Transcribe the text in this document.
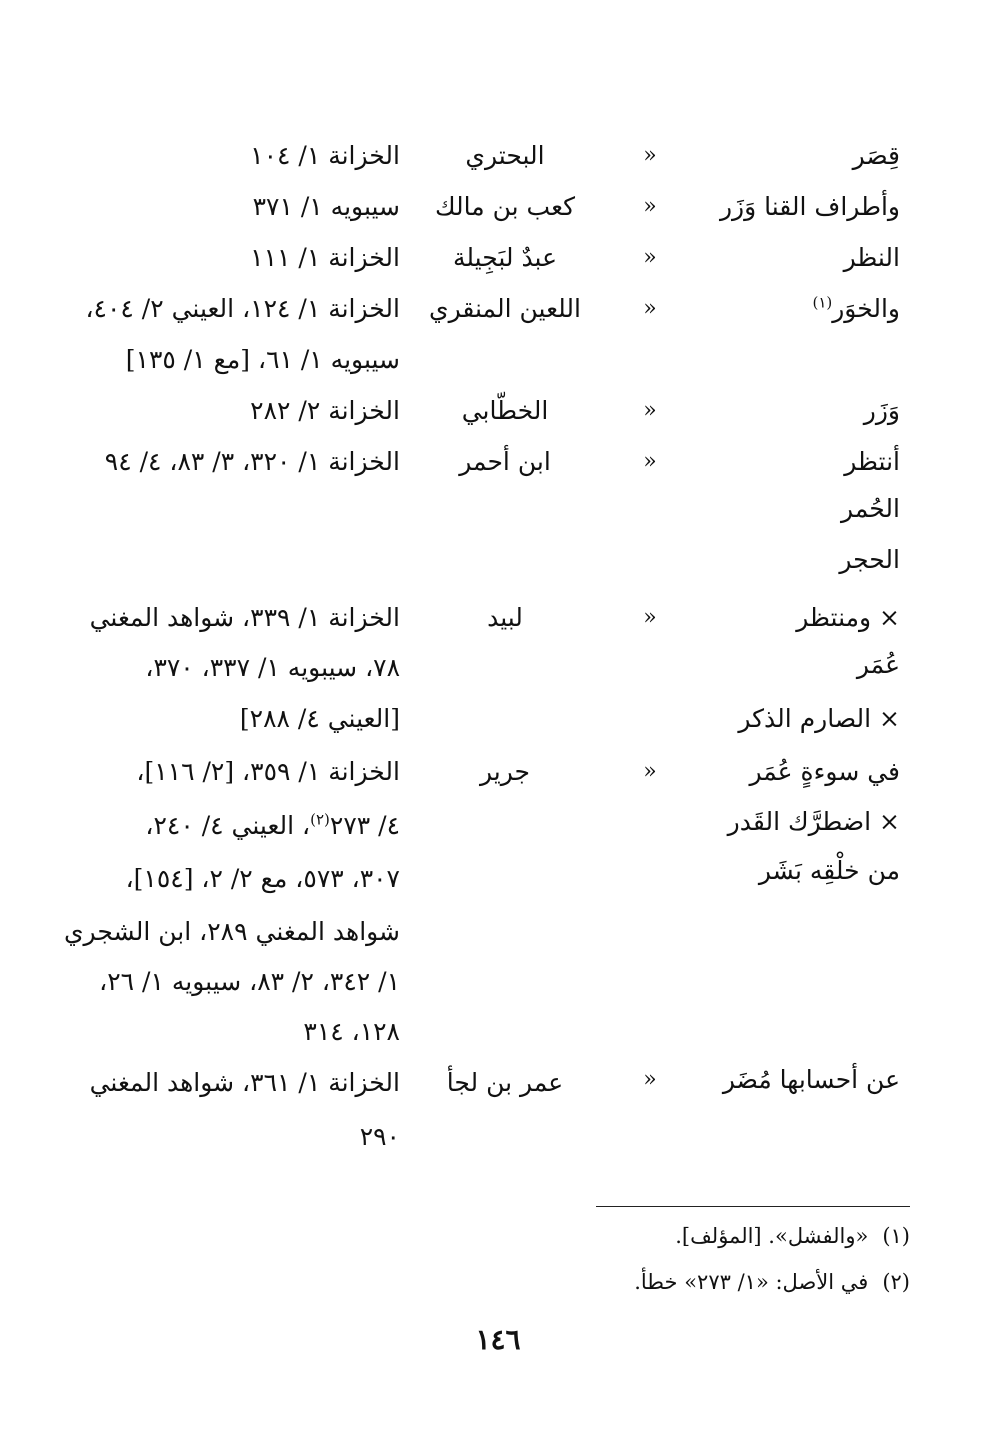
قِصَر
«
البحتري
الخزانة ١/ ١٠٤
وأطراف القنا وَزَر
«
كعب بن مالك
سيبويه ١/ ٣٧١
النظر
«
عبدٌ لبَجِيلة
الخزانة ١/ ١١١
والخوَر$^{(١)}$
«
اللعين المنقري
الخزانة ١/ ١٢٤، العيني ٢/ ٤٠٤،
سيبويه ١/ ٦١، [مع ١/ ١٣٥]
وَزَر
«
الخطّابي
الخزانة ٢/ ٢٨٢
أنتظر
«
ابن أحمر
الخزانة ١/ ٣٢٠، ٣/ ٨٣، ٤/ ٩٤
الحُمر
الحجر
× ومنتظر
«
لبيد
الخزانة ١/ ٣٣٩، شواهد المغني
عُمَر
٧٨، سيبويه ١/ ٣٣٧، ٣٧٠،
× الصارم الذكر
[العيني ٤/ ٢٨٨]
في سوءةٍ عُمَر
«
جرير
الخزانة ١/ ٣٥٩، [٢/ ١١٦]،
× اضطرَّك القَدر
٤/ ٢٧٣$^{(٢)}$، العيني ٤/ ٢٤٠،
من خلْقِه بَشَر
٣٠٧، ٥٧٣، مع ٢/ ٢، [١٥٤]،
شواهد المغني ٢٨٩، ابن الشجري
١/ ٣٤٢، ٢/ ٨٣، سيبويه ١/ ٢٦،
١٢٨، ٣١٤
عن أحسابها مُضَر
«
عمر بن لجأ
الخزانة ١/ ٣٦١، شواهد المغني
٢٩٠
(١)«والفشل». [المؤلف].
(٢)في الأصل: «١/ ٢٧٣» خطأ.
١٤٦
